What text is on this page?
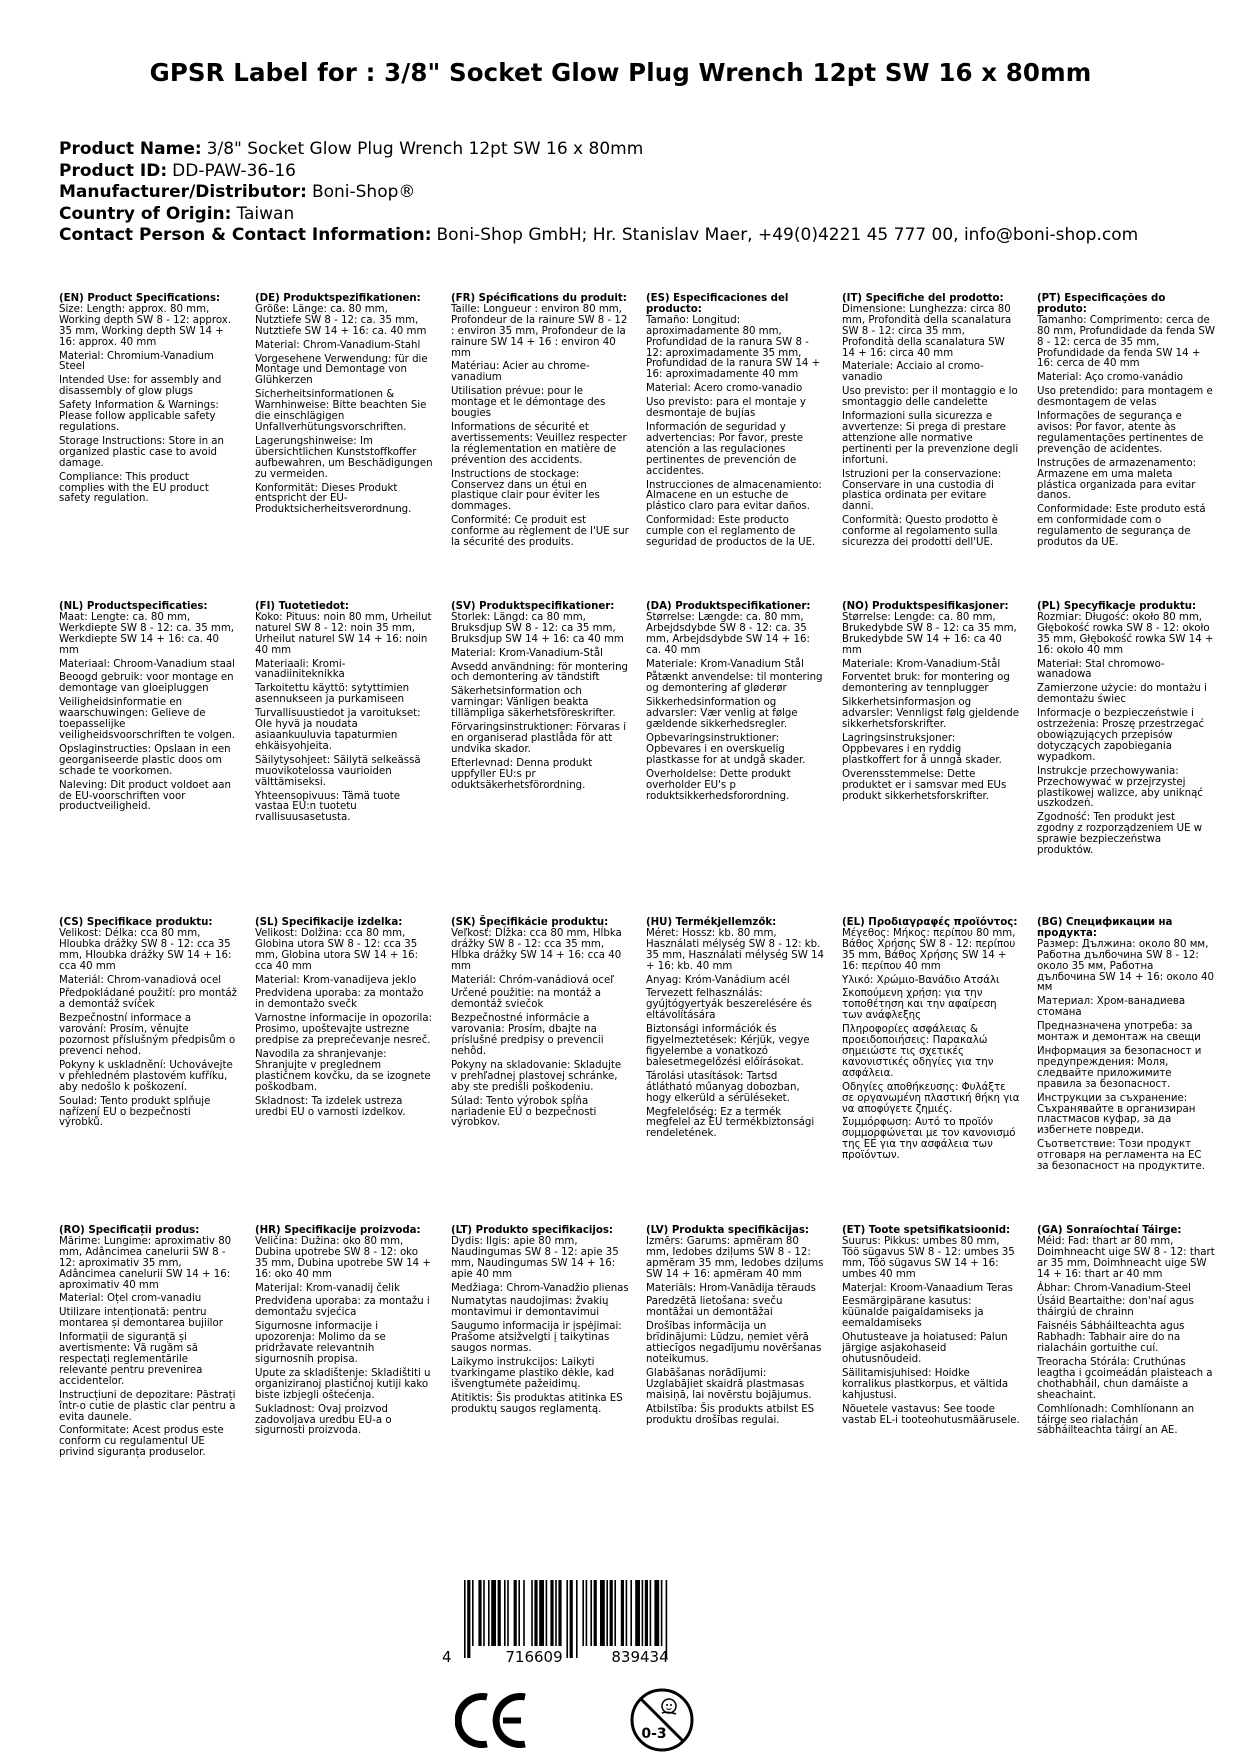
GPSR Label for : 3/8" Socket Glow Plug Wrench 12pt SW 16 x 80mm
Product Name: 3/8" Socket Glow Plug Wrench 12pt SW 16 x 80mm
Product ID: DD-PAW-36-16
Manufacturer/Distributor: Boni-Shop®
Country of Origin: Taiwan
Contact Person & Contact Information: Boni-Shop GmbH; Hr. Stanislav Maer, +49(0)4221 45 777 00, info@boni-shop.com
(EN) Product Specifications:
Size: Length: approx. 80 mm, Working depth SW 8 - 12: approx. 35 mm, Working depth SW 14 + 16: approx. 40 mm
Material: Chromium-Vanadium Steel
Intended Use: for assembly and disassembly of glow plugs
Safety Information & Warnings: Please follow applicable safety regulations.
Storage Instructions: Store in an organized plastic case to avoid damage.
Compliance: This product complies with the EU product safety regulation.
(DE) Produktspezifikationen:
Größe: Länge: ca. 80 mm, Nutztiefe SW 8 - 12: ca. 35 mm, Nutztiefe SW 14 + 16: ca. 40 mm
Material: Chrom-Vanadium-Stahl
Vorgesehene Verwendung: für die Montage und Demontage von Glühkerzen
Sicherheitsinformationen & Warnhinweise: Bitte beachten Sie die einschlägigen Unfallverhütungsvorschriften.
Lagerungshinweise: Im übersichtlichen Kunststoffkoffer aufbewahren, um Beschädigungen zu vermeiden.
Konformität: Dieses Produkt entspricht der EU-Produktsicherheitsverordnung.
(FR) Spécifications du produit:
Taille: Longueur : environ 80 mm, Profondeur de la rainure SW 8 - 12 : environ 35 mm, Profondeur de la rainure SW 14 + 16 : environ 40 mm
Matériau: Acier au chrome-vanadium
Utilisation prévue: pour le montage et le démontage des bougies
Informations de sécurité et avertissements: Veuillez respecter la réglementation en matière de prévention des accidents.
Instructions de stockage: Conservez dans un étui en plastique clair pour éviter les dommages.
Conformité: Ce produit est conforme au règlement de l'UE sur la sécurité des produits.
(ES) Especificaciones del producto:
Tamaño: Longitud: aproximadamente 80 mm, Profundidad de la ranura SW 8 - 12: aproximadamente 35 mm, Profundidad de la ranura SW 14 + 16: aproximadamente 40 mm
Material: Acero cromo-vanadio
Uso previsto: para el montaje y desmontaje de bujías
Información de seguridad y advertencias: Por favor, preste atención a las regulaciones pertinentes de prevención de accidentes.
Instrucciones de almacenamiento: Almacene en un estuche de plástico claro para evitar daños.
Conformidad: Este producto cumple con el reglamento de seguridad de productos de la UE.
(IT) Specifiche del prodotto:
Dimensione: Lunghezza: circa 80 mm, Profondità della scanalatura SW 8 - 12: circa 35 mm, Profondità della scanalatura SW 14 + 16: circa 40 mm
Materiale: Acciaio al cromo-vanadio
Uso previsto: per il montaggio e lo smontaggio delle candelette
Informazioni sulla sicurezza e avvertenze: Si prega di prestare attenzione alle normative pertinenti per la prevenzione degli infortuni.
Istruzioni per la conservazione: Conservare in una custodia di plastica ordinata per evitare danni.
Conformità: Questo prodotto è conforme al regolamento sulla sicurezza dei prodotti dell'UE.
(PT) Especificações do produto:
Tamanho: Comprimento: cerca de 80 mm, Profundidade da fenda SW 8 - 12: cerca de 35 mm, Profundidade da fenda SW 14 + 16: cerca de 40 mm
Material: Aço cromo-vanádio
Uso pretendido: para montagem e desmontagem de velas
Informações de segurança e avisos: Por favor, atente às regulamentações pertinentes de prevenção de acidentes.
Instruções de armazenamento: Armazene em uma maleta plástica organizada para evitar danos.
Conformidade: Este produto está em conformidade com o regulamento de segurança de produtos da UE.
(NL) Productspecificaties:
Maat: Lengte: ca. 80 mm, Werkdiepte SW 8 - 12: ca. 35 mm, Werkdiepte SW 14 + 16: ca. 40 mm
Materiaal: Chroom-Vanadium staal
Beoogd gebruik: voor montage en demontage van gloeipluggen
Veiligheidsinformatie en waarschuwingen: Gelieve de toepasselijke veiligheidsvoorschriften te volgen.
Opslaginstructies: Opslaan in een georganiseerde plastic doos om schade te voorkomen.
Naleving: Dit product voldoet aan de EU-voorschriften voor productveiligheid.
(FI) Tuotetiedot:
Koko: Pituus: noin 80 mm, Urheilut naturel SW 8 - 12: noin 35 mm, Urheilut naturel SW 14 + 16: noin 40 mm
Materiaali: Kromi-vanadiiniteknikka
Tarkoitettu käyttö: sytyttimien asennukseen ja purkamiseen
Turvallisuustiedot ja varoitukset: Ole hyvä ja noudata asiaankuuluvia tapaturmien ehkäisyohjeita.
Säilytysohjeet: Säilytä selkeässä muovikotelossa vaurioiden välttämiseksi.
Yhteensopivuus: Tämä tuote vastaa EU:n tuotetu rvallisuusasetusta.
(SV) Produktspecifikationer:
Storlek: Längd: ca 80 mm, Bruksdjup SW 8 - 12: ca 35 mm, Bruksdjup SW 14 + 16: ca 40 mm
Material: Krom-Vanadium-Stål
Avsedd användning: för montering och demontering av tändstift
Säkerhetsinformation och varningar: Vänligen beakta tillämpliga säkerhetsföreskrifter.
Förvaringsinstruktioner: Förvaras i en organiserad plastlåda för att undvika skador.
Efterlevnad: Denna produkt uppfyller EU:s pr oduktsäkerhetsförordning.
(DA) Produktspecifikationer:
Størrelse: Længde: ca. 80 mm, Arbejdsdybde SW 8 - 12: ca. 35 mm, Arbejdsdybde SW 14 + 16: ca. 40 mm
Materiale: Krom-Vanadium Stål
Påtænkt anvendelse: til montering og demontering af gløderør
Sikkerhedsinformation og advarsler: Vær venlig at følge gældende sikkerhedsregler.
Opbevaringsinstruktioner: Opbevares i en overskuelig plastkasse for at undgå skader.
Overholdelse: Dette produkt overholder EU's p roduktsikkerhedsforordning.
(NO) Produktspesifikasjoner:
Størrelse: Lengde: ca. 80 mm, Brukedybde SW 8 - 12: ca 35 mm, Brukedybde SW 14 + 16: ca 40 mm
Materiale: Krom-Vanadium-Stål
Forventet bruk: for montering og demontering av tennplugger
Sikkerhetsinformasjon og advarsler: Vennligst følg gjeldende sikkerhetsforskrifter.
Lagringsinstruksjoner: Oppbevares i en ryddig plastkoffert for å unngå skader.
Overensstemmelse: Dette produktet er i samsvar med EUs produkt sikkerhetsforskrifter.
(PL) Specyfikacje produktu:
Rozmiar: Długość: około 80 mm, Głębokość rowka SW 8 - 12: około 35 mm, Głębokość rowka SW 14 + 16: około 40 mm
Materiał: Stal chromowo-wanadowa
Zamierzone użycie: do montażu i demontażu świec
Informacje o bezpieczeństwie i ostrzeżenia: Proszę przestrzegać obowiązujących przepisów dotyczących zapobiegania wypadkom.
Instrukcje przechowywania: Przechowywać w przejrzystej plastikowej walizce, aby uniknąć uszkodzeń.
Zgodność: Ten produkt jest zgodny z rozporządzeniem UE w sprawie bezpieczeństwa produktów.
(CS) Specifikace produktu:
Velikost: Délka: cca 80 mm, Hloubka drážky SW 8 - 12: cca 35 mm, Hloubka drážky SW 14 + 16: cca 40 mm
Materiál: Chrom-vanadiová ocel
Předpokládané použití: pro montáž a demontáž svíček
Bezpečnostní informace a varování: Prosím, věnujte pozornost příslušným předpisům o prevenci nehod.
Pokyny k uskladnění: Uchovávejte v přehledném plastovém kufříku, aby nedošlo k poškození.
Soulad: Tento produkt splňuje nařízení EU o bezpečnosti výrobků.
(SL) Specifikacije izdelka:
Velikost: Dolžina: cca 80 mm, Globina utora SW 8 - 12: cca 35 mm, Globina utora SW 14 + 16: cca 40 mm
Material: Krom-vanadijeva jeklo
Predvidena uporaba: za montažo in demontažo svečk
Varnostne informacije in opozorila: Prosimo, upoštevajte ustrezne predpise za preprečevanje nesreč.
Navodila za shranjevanje: Shranjujte v preglednem plastičnem kovčku, da se izognete poškodbam.
Skladnost: Ta izdelek ustreza uredbi EU o varnosti izdelkov.
(SK) Špecifikácie produktu:
Veľkosť: Dĺžka: cca 80 mm, Hĺbka drážky SW 8 - 12: cca 35 mm, Hĺbka drážky SW 14 + 16: cca 40 mm
Materiál: Chróm-vanádiová oceľ
Určené použitie: na montáž a demontáž sviečok
Bezpečnostné informácie a varovania: Prosím, dbajte na príslušné predpisy o prevencii nehôd.
Pokyny na skladovanie: Skladujte v prehľadnej plastovej schránke, aby ste predišli poškodeniu.
Súlad: Tento výrobok spĺňa nariadenie EÚ o bezpečnosti výrobkov.
(HU) Termékjellemzők:
Méret: Hossz: kb. 80 mm, Használati mélység SW 8 - 12: kb. 35 mm, Használati mélység SW 14 + 16: kb. 40 mm
Anyag: Króm-Vanádium acél
Tervezett felhasználás: gyújtógyertyák beszerelésére és eltávolítására
Biztonsági információk és figyelmeztetések: Kérjük, vegye figyelembe a vonatkozó balesetmegelőzési előírásokat.
Tárolási utasítások: Tartsd átlátható műanyag dobozban, hogy elkerüld a sérüléseket.
Megfelelőség: Ez a termék megfelel az EU termékbiztonsági rendeletének.
(EL) Προδιαγραφές προϊόντος:
Μέγεθος: Μήκος: περίπου 80 mm, Βάθος Χρήσης SW 8 - 12: περίπου 35 mm, Βάθος Χρήσης SW 14 + 16: περίπου 40 mm
Υλικό: Χρώμιο-Βανάδιο Ατσάλι
Σκοπούμενη χρήση: για την τοποθέτηση και την αφαίρεση των ανάφλεξης
Πληροφορίες ασφάλειας & προειδοποιήσεις: Παρακαλώ σημειώστε τις σχετικές κανονιστικές οδηγίες για την ασφάλεια.
Οδηγίες αποθήκευσης: Φυλάξτε σε οργανωμένη πλαστική θήκη για να αποφύγετε ζημιές.
Συμμόρφωση: Αυτό το προϊόν συμμορφώνεται με τον κανονισμό της ΕΕ για την ασφάλεια των προϊόντων.
(BG) Спецификации на продукта:
Размер: Дължина: около 80 мм, Работна дълбочина SW 8 - 12: около 35 мм, Работна дълбочина SW 14 + 16: около 40 мм
Материал: Хром-ванадиева стомана
Предназначена употреба: за монтаж и демонтаж на свещи
Информация за безопасност и предупреждения: Моля, следвайте приложимите правила за безопасност.
Инструкции за съхранение: Съхранявайте в организиран пластмасов куфар, за да избегнете повреди.
Съответствие: Този продукт отговаря на регламента на ЕС за безопасност на продуктите.
(RO) Specificații produs:
Mărime: Lungime: aproximativ 80 mm, Adâncimea canelurii SW 8 - 12: aproximativ 35 mm, Adâncimea canelurii SW 14 + 16: aproximativ 40 mm
Material: Oțel crom-vanadiu
Utilizare intenționată: pentru montarea și demontarea bujiilor
Informații de siguranță și avertismente: Vă rugăm să respectați reglementările relevante pentru prevenirea accidentelor.
Instrucțiuni de depozitare: Păstrați într-o cutie de plastic clar pentru a evita daunele.
Conformitate: Acest produs este conform cu regulamentul UE privind siguranța produselor.
(HR) Specifikacije proizvoda:
Veličina: Dužina: oko 80 mm, Dubina upotrebe SW 8 - 12: oko 35 mm, Dubina upotrebe SW 14 + 16: oko 40 mm
Materijal: Krom-vanadij čelik
Predviđena uporaba: za montažu i demontažu svjećica
Sigurnosne informacije i upozorenja: Molimo da se pridržavate relevantnih sigurnosnih propisa.
Upute za skladištenje: Skladištiti u organiziranoj plastičnoj kutiji kako biste izbjegli oštećenja.
Sukladnost: Ovaj proizvod zadovoljava uredbu EU-a o sigurnosti proizvoda.
(LT) Produkto specifikacijos:
Dydis: Ilgis: apie 80 mm, Naudingumas SW 8 - 12: apie 35 mm, Naudingumas SW 14 + 16: apie 40 mm
Medžiaga: Chrom-Vanadžio plienas
Numatytas naudojimas: žvakių montavimui ir demontavimui
Saugumo informacija ir įspėjimai: Prašome atsižvelgti į taikytinas saugos normas.
Laikymo instrukcijos: Laikyti tvarkingame plastiko dėkle, kad išvengtumėte pažeidimų.
Atitiktis: Šis produktas atitinka ES produktų saugos reglamentą.
(LV) Produkta specifikācijas:
Izmērs: Garums: apmēram 80 mm, Iedobes dziļums SW 8 - 12: apmēram 35 mm, Iedobes dziļums SW 14 + 16: apmēram 40 mm
Materiāls: Hrom-Vanādija tērauds
Paredzētā lietošana: sveču montāžai un demontāžai
Drošības informācija un brīdinājumi: Lūdzu, ņemiet vērā attiecīgos negadījumu novēršanas noteikumus.
Glabāšanas norādījumi: Uzglabājiet skaidrā plastmasas maisiņā, lai novērstu bojājumus.
Atbilstība: Šis produkts atbilst ES produktu drošības regulai.
(ET) Toote spetsifikatsioonid:
Suurus: Pikkus: umbes 80 mm, Töö sügavus SW 8 - 12: umbes 35 mm, Töö sügavus SW 14 + 16: umbes 40 mm
Materjal: Kroom-Vanaadium Teras
Eesmärgipärane kasutus: küünalde paigaldamiseks ja eemaldamiseks
Ohutusteave ja hoiatused: Palun järgige asjakohaseid ohutusnõudeid.
Säilitamisjuhised: Hoidke korralikus plastkorpus, et vältida kahjustusi.
Nõuetele vastavus: See toode vastab EL-i tooteohutusmäärusele.
(GA) Sonraíochtaí Táirge:
Méid: Fad: thart ar 80 mm, Doimhneacht uige SW 8 - 12: thart ar 35 mm, Doimhneacht uige SW 14 + 16: thart ar 40 mm
Ábhar: Chrom-Vanadium-Steel
Úsáid Beartaithe: don'naí agus tháirgiú de chrainn
Faisnéis Sábháilteachta agus Rabhadh: Tabhair aire do na rialacháin gortuithe cuí.
Treoracha Stórála: Cruthúnas leagtha i gcoimeádán plaisteach a chothabháil, chun damáiste a sheachaint.
Comhlíonadh: Comhlíonann an táirge seo rialachán sábháilteachta táirgí an AE.
4	716609	839434
0-3
